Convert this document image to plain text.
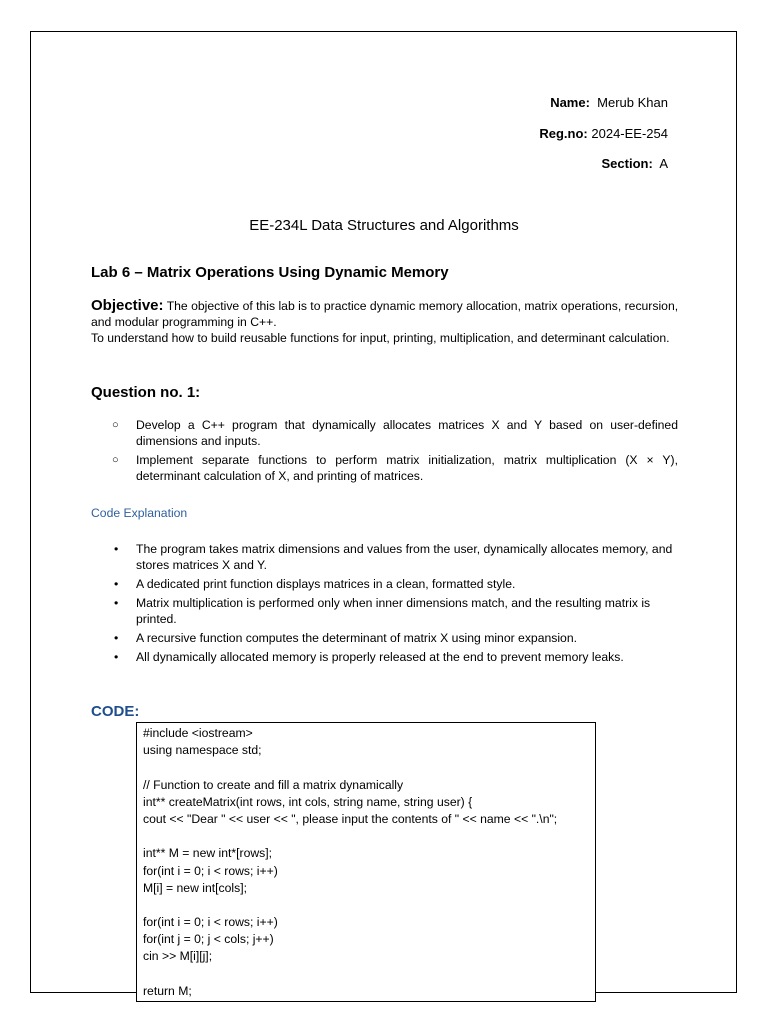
Name: Merub Khan
Reg.no: 2024-EE-254
Section: A
EE-234L Data Structures and Algorithms
Lab 6 – Matrix Operations Using Dynamic Memory
Objective: The objective of this lab is to practice dynamic memory allocation, matrix operations, recursion, and modular programming in C++.
To understand how to build reusable functions for input, printing, multiplication, and determinant calculation.
Question no. 1:
○ Develop a C++ program that dynamically allocates matrices X and Y based on user-defined dimensions and inputs.
○ Implement separate functions to perform matrix initialization, matrix multiplication (X × Y), determinant calculation of X, and printing of matrices.
Code Explanation
• The program takes matrix dimensions and values from the user, dynamically allocates memory, and stores matrices X and Y.
• A dedicated print function displays matrices in a clean, formatted style.
• Matrix multiplication is performed only when inner dimensions match, and the resulting matrix is printed.
• A recursive function computes the determinant of matrix X using minor expansion.
• All dynamically allocated memory is properly released at the end to prevent memory leaks.
CODE:
#include <iostream>
using namespace std;
// Function to create and fill a matrix dynamically
int** createMatrix(int rows, int cols, string name, string user) {
cout << "Dear " << user << ", please input the contents of " << name << ".\n";
int** M = new int*[rows];
for(int i = 0; i < rows; i++)
M[i] = new int[cols];
for(int i = 0; i < rows; i++)
for(int j = 0; j < cols; j++)
cin >> M[i][j];
return M;
